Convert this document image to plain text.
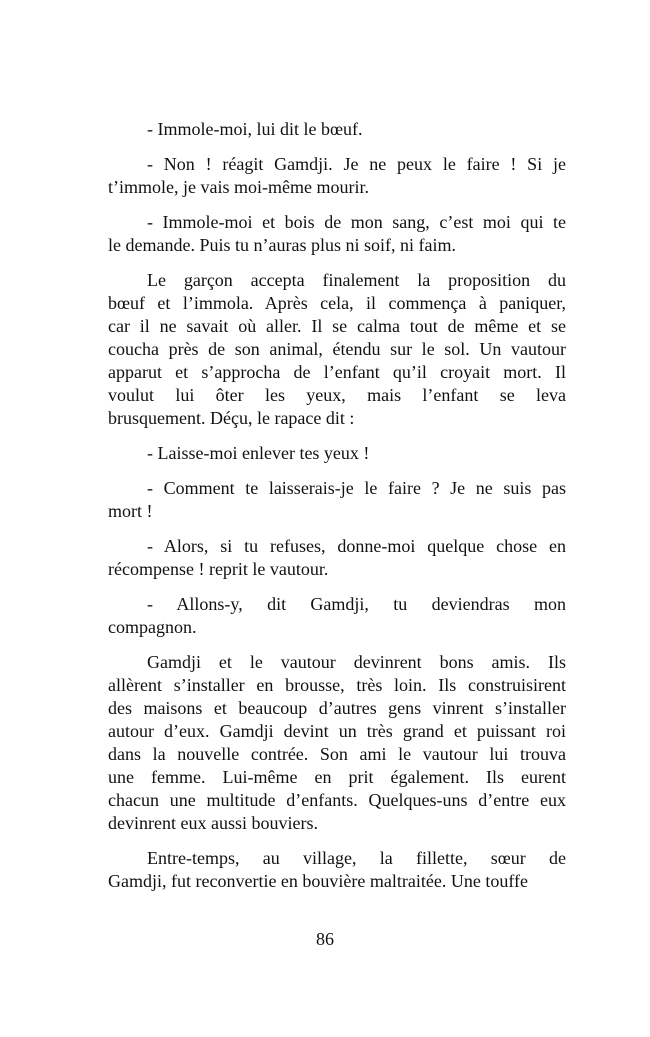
- Immole-moi, lui dit le bœuf.
- Non ! réagit Gamdji. Je ne peux le faire ! Si je
t’immole, je vais moi-même mourir.
- Immole-moi et bois de mon sang, c’est moi qui te
le demande. Puis tu n’auras plus ni soif, ni faim.
Le garçon accepta finalement la proposition du
bœuf et l’immola. Après cela, il commença à paniquer,
car il ne savait où aller. Il se calma tout de même et se
coucha près de son animal, étendu sur le sol. Un vautour
apparut et s’approcha de l’enfant qu’il croyait mort. Il
voulut lui ôter les yeux, mais l’enfant se leva
brusquement. Déçu, le rapace dit :
- Laisse-moi enlever tes yeux !
- Comment te laisserais-je le faire ? Je ne suis pas
mort !
- Alors, si tu refuses, donne-moi quelque chose en
récompense ! reprit le vautour.
- Allons-y, dit Gamdji, tu deviendras mon
compagnon.
Gamdji et le vautour devinrent bons amis. Ils
allèrent s’installer en brousse, très loin. Ils construisirent
des maisons et beaucoup d’autres gens vinrent s’installer
autour d’eux. Gamdji devint un très grand et puissant roi
dans la nouvelle contrée. Son ami le vautour lui trouva
une femme. Lui-même en prit également. Ils eurent
chacun une multitude d’enfants. Quelques-uns d’entre eux
devinrent eux aussi bouviers.
Entre-temps, au village, la fillette, sœur de
Gamdji, fut reconvertie en bouvière maltraitée. Une touffe
86
